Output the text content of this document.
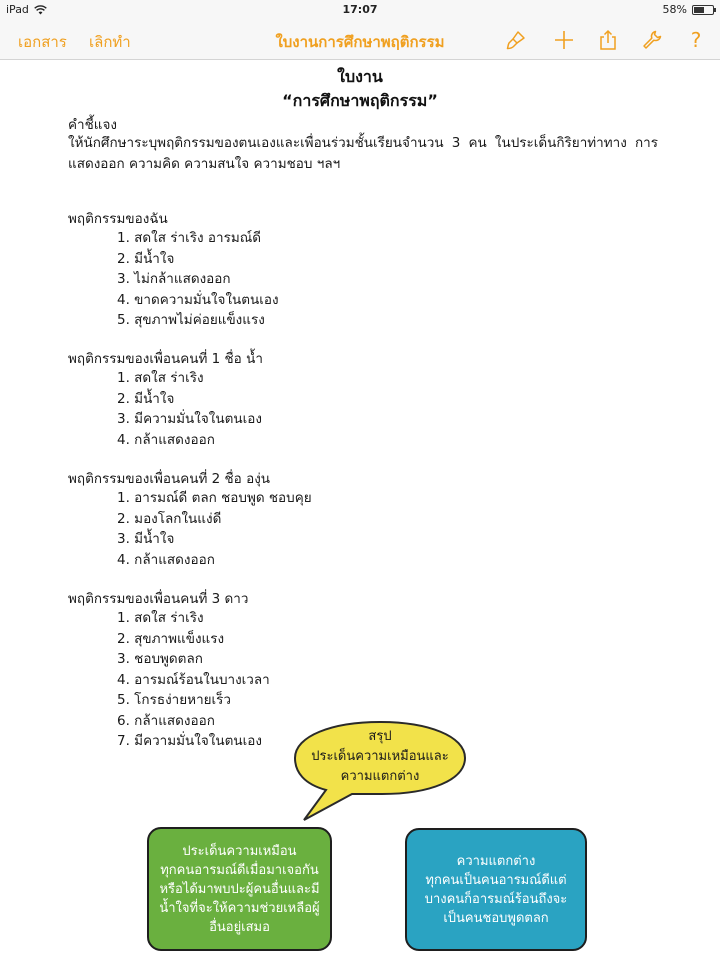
iPad	17:07	58%
เอกสาร เลิกทำ	ใบงานการศึกษาพฤติกรรม	?
ใบงาน
“การศึกษาพฤติกรรม”
คำชี้แจง
ให้นักศึกษาระบุพฤติกรรมของตนเองและเพื่อนร่วมชั้นเรียนจำนวน 3 คน ในประเด็นกิริยาท่าทาง การแสดงออก ความคิด ความสนใจ ความชอบ ฯลฯ
พฤติกรรมของฉัน
1. สดใส ร่าเริง อารมณ์ดี
2. มีน้ำใจ
3. ไม่กล้าแสดงออก
4. ขาดความมั่นใจในตนเอง
5. สุขภาพไม่ค่อยแข็งแรง
พฤติกรรมของเพื่อนคนที่ 1 ชื่อ น้ำ
1. สดใส ร่าเริง
2. มีน้ำใจ
3. มีความมั่นใจในตนเอง
4. กล้าแสดงออก
พฤติกรรมของเพื่อนคนที่ 2 ชื่อ องุ่น
1. อารมณ์ดี ตลก ชอบพูด ชอบคุย
2. มองโลกในแง่ดี
3. มีน้ำใจ
4. กล้าแสดงออก
พฤติกรรมของเพื่อนคนที่ 3 ดาว
1. สดใส ร่าเริง
2. สุขภาพแข็งแรง
3. ชอบพูดตลก
4. อารมณ์ร้อนในบางเวลา
5. โกรธง่ายหายเร็ว
6. กล้าแสดงออก
7. มีความมั่นใจในตนเอง	สรุป
ประเด็นความเหมือนและ
ความแตกต่าง
ประเด็นความเหมือน
ทุกคนอารมณ์ดีเมื่อมาเจอกัน
หรือได้มาพบปะผู้คนอื่นและมี
น้ำใจที่จะให้ความช่วยเหลือผู้
อื่นอยู่เสมอ
ความแตกต่าง
ทุกคนเป็นคนอารมณ์ดีแต่
บางคนก็อารมณ์ร้อนถึงจะ
เป็นคนชอบพูดตลก
